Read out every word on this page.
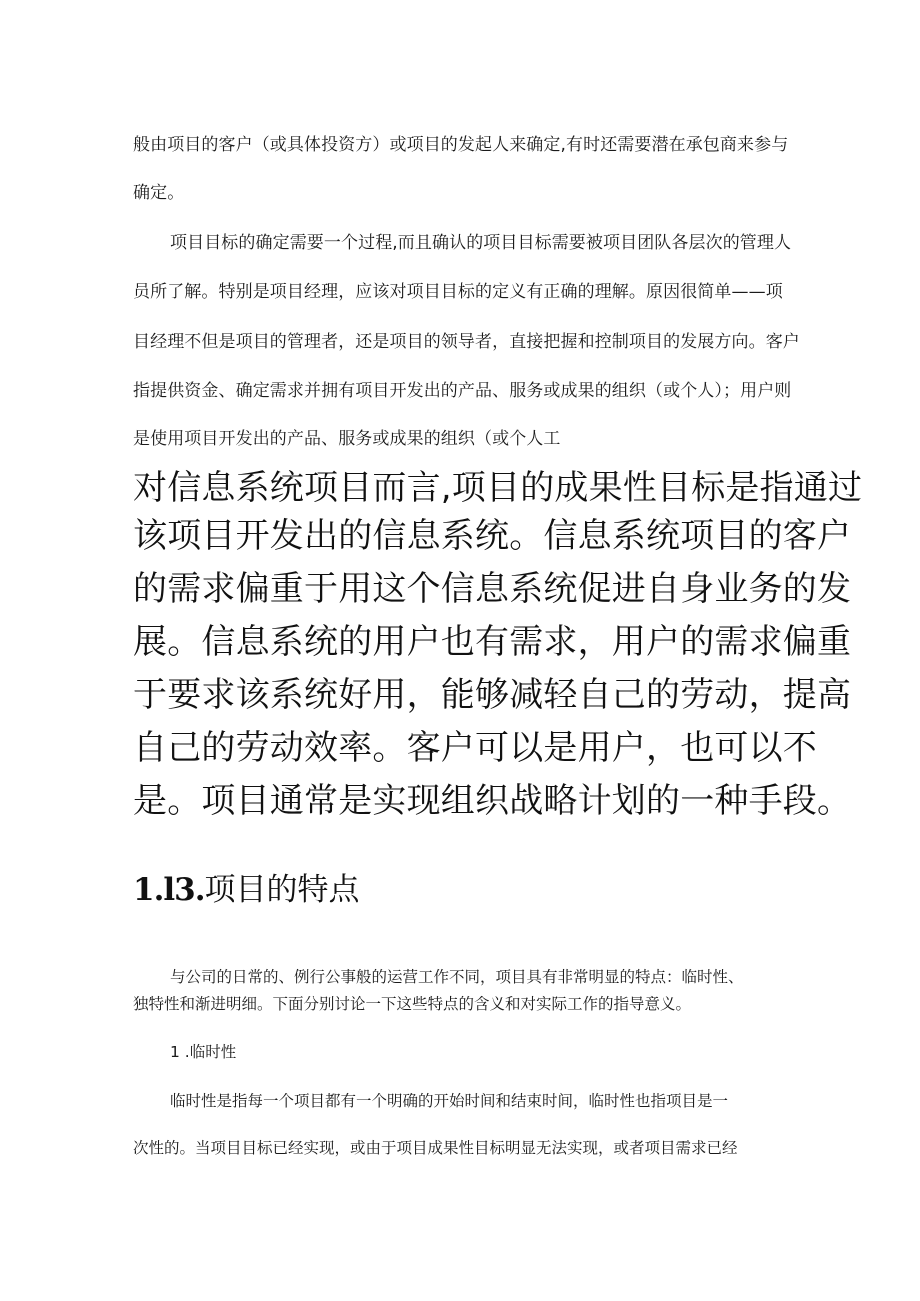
般由项目的客户（或具体投资方）或项目的发起人来确定,有时还需要潜在承包商来参与
确定。
项目目标的确定需要一个过程,而且确认的项目目标需要被项目团队各层次的管理人
员所了解。特别是项目经理，应该对项目目标的定义有正确的理解。原因很简单——项
目经理不但是项目的管理者，还是项目的领导者，直接把握和控制项目的发展方向。客户
指提供资金、确定需求并拥有项目开发出的产品、服务或成果的组织（或个人）；用户则
是使用项目开发出的产品、服务或成果的组织（或个人工
对信息系统项目而言,项目的成果性目标是指通过
该项目开发出的信息系统。信息系统项目的客户
的需求偏重于用这个信息系统促进自身业务的发
展。信息系统的用户也有需求，用户的需求偏重
于要求该系统好用，能够减轻自己的劳动，提高
自己的劳动效率。客户可以是用户，也可以不
是。项目通常是实现组织战略计划的一种手段。
1.l3.项目的特点
与公司的日常的、例行公事般的运营工作不同，项目具有非常明显的特点：临时性、
独特性和渐进明细。下面分别讨论一下这些特点的含义和对实际工作的指导意义。
1 .临时性
临时性是指每一个项目都有一个明确的开始时间和结束时间，临时性也指项目是一
次性的。当项目目标已经实现，或由于项目成果性目标明显无法实现，或者项目需求已经
